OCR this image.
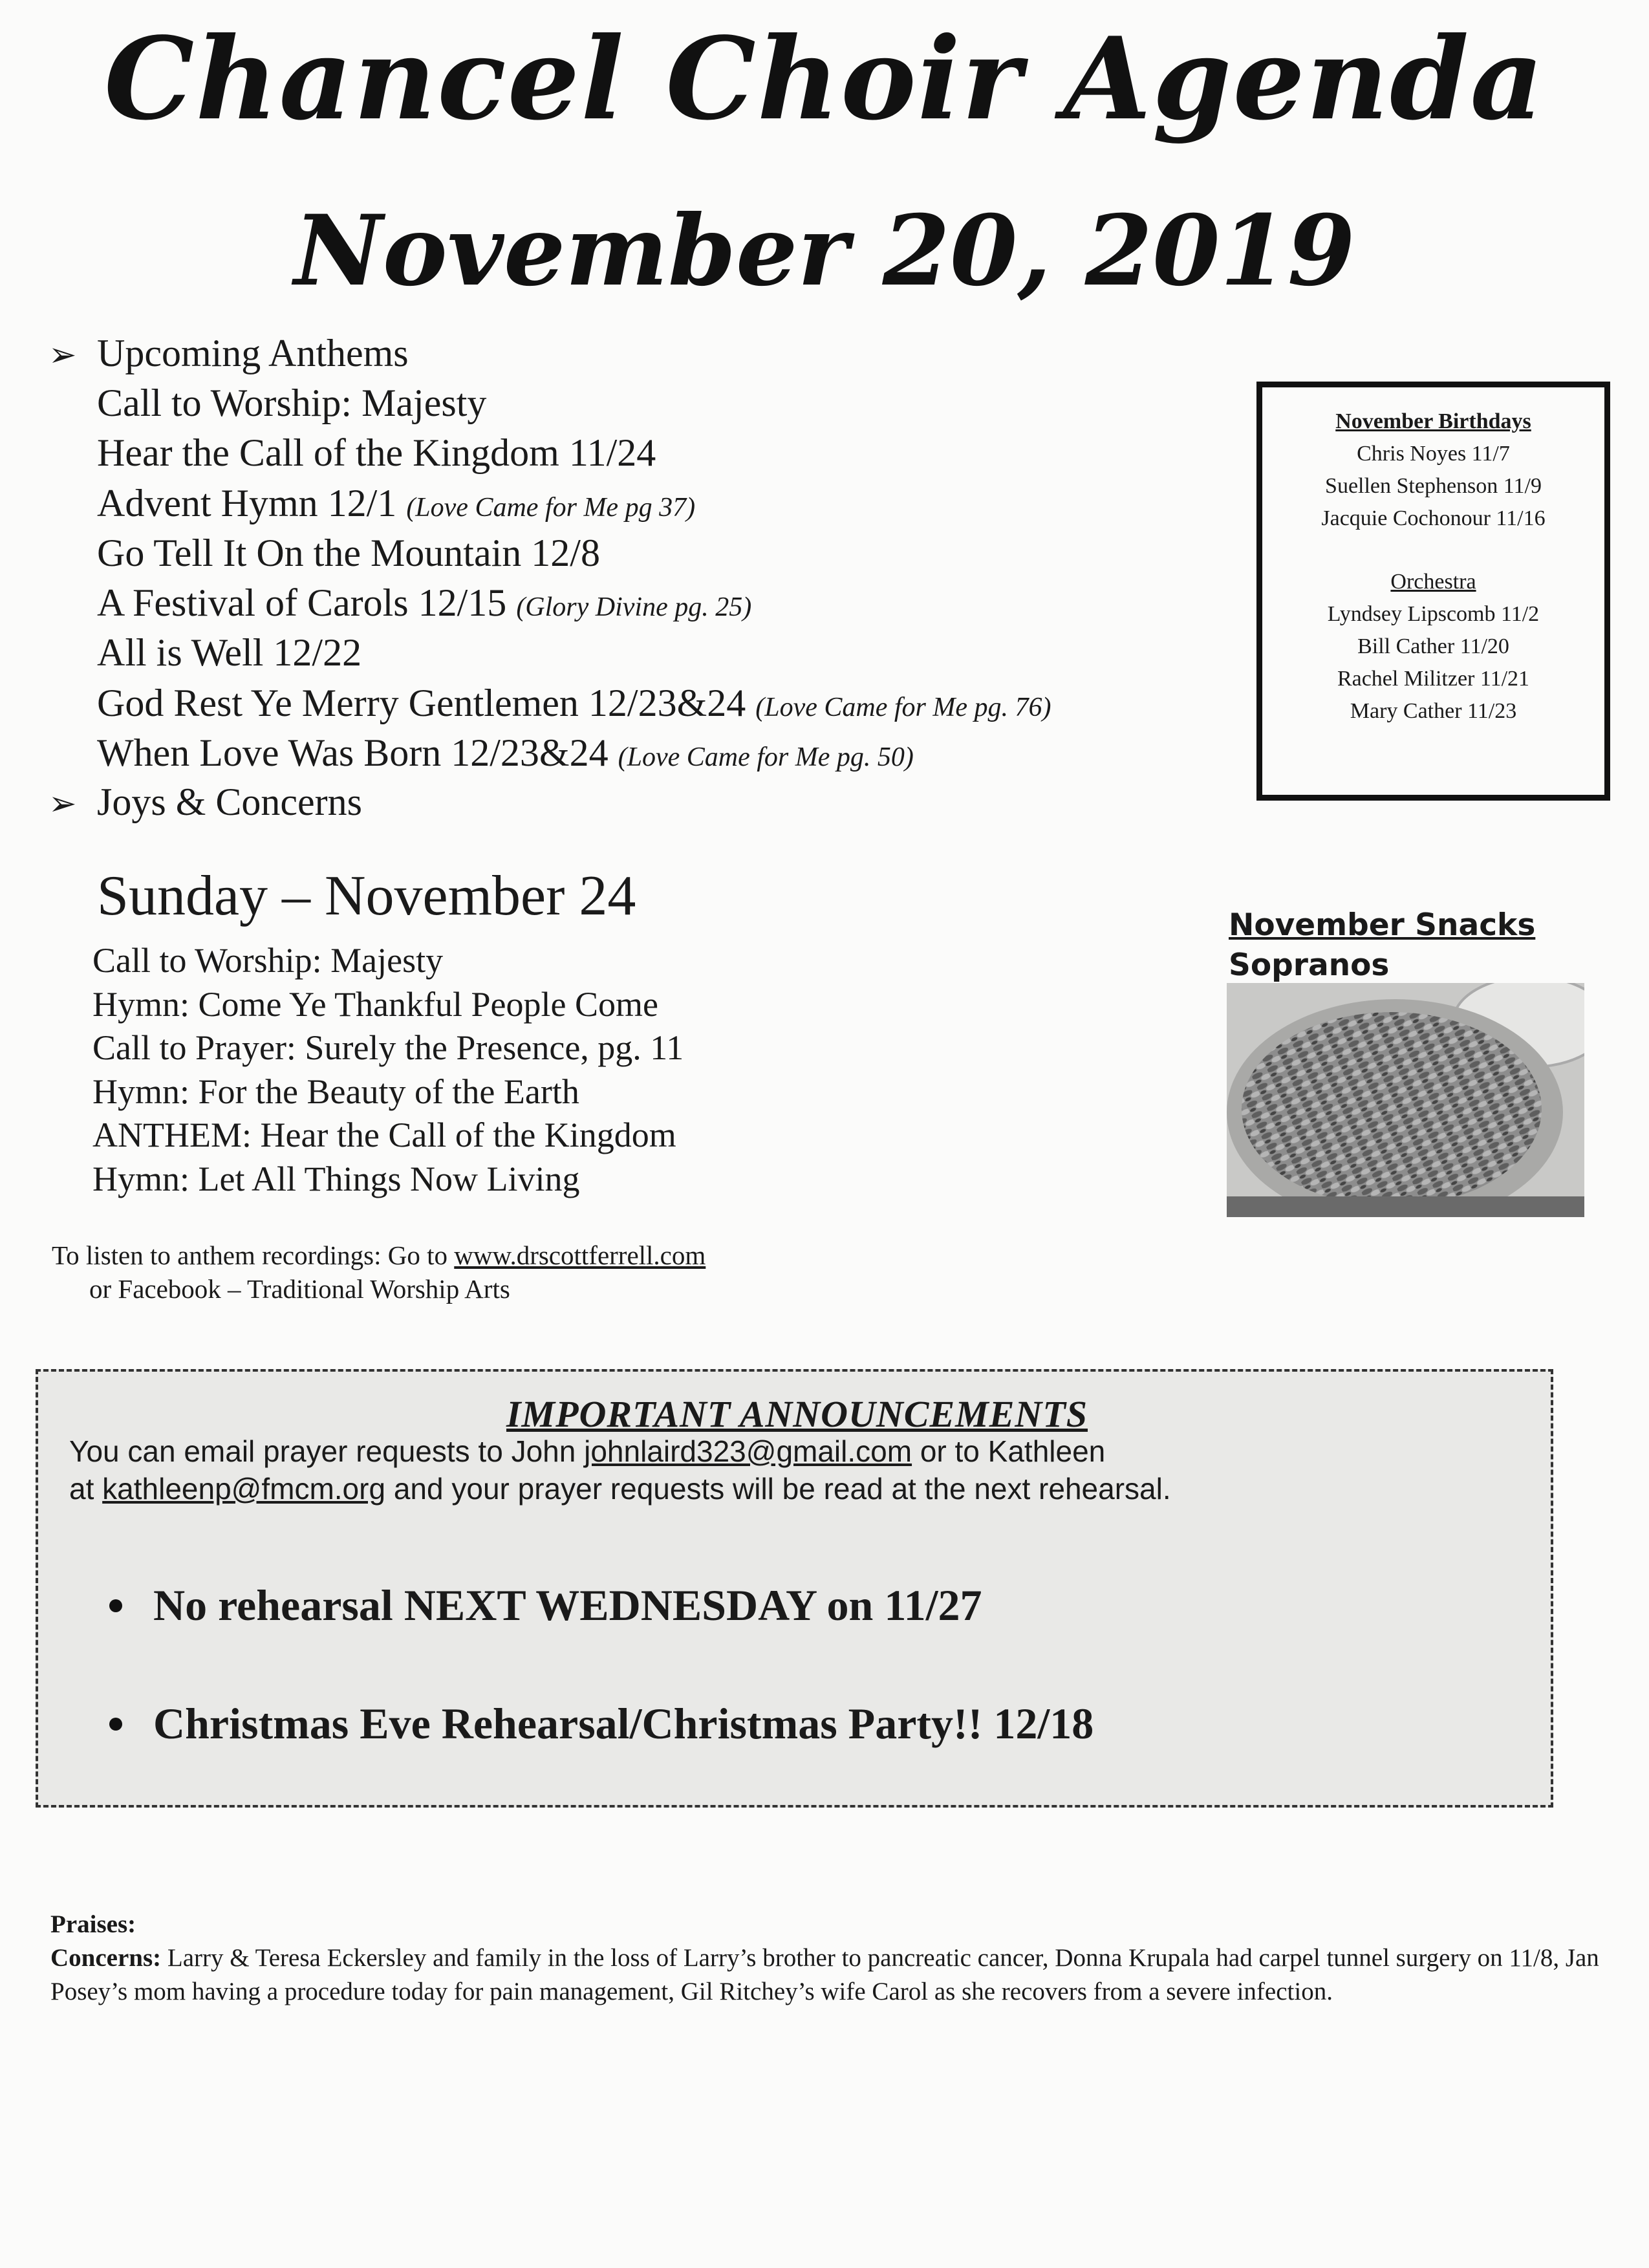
Chancel Choir Agenda
November 20, 2019
➢ Upcoming Anthems
Call to Worship: Majesty
Hear the Call of the Kingdom 11/24
Advent Hymn 12/1 (Love Came for Me pg 37)
Go Tell It On the Mountain 12/8
A Festival of Carols 12/15 (Glory Divine pg. 25)
All is Well 12/22
God Rest Ye Merry Gentlemen 12/23&24 (Love Came for Me pg. 76)
When Love Was Born 12/23&24 (Love Came for Me pg. 50)
➢ Joys & Concerns
Sunday – November 24
Call to Worship: Majesty
Hymn: Come Ye Thankful People Come
Call to Prayer: Surely the Presence, pg. 11
Hymn: For the Beauty of the Earth
ANTHEM: Hear the Call of the Kingdom
Hymn: Let All Things Now Living
To listen to anthem recordings: Go to www.drscottferrell.com
or Facebook – Traditional Worship Arts
November Birthdays
Chris Noyes 11/7
Suellen Stephenson 11/9
Jacquie Cochonour 11/16
Orchestra
Lyndsey Lipscomb 11/2
Bill Cather 11/20
Rachel Militzer 11/21
Mary Cather 11/23
November Snacks
Sopranos
IMPORTANT ANNOUNCEMENTS
You can email prayer requests to John johnlaird323@gmail.com or to Kathleen
at kathleenp@fmcm.org and your prayer requests will be read at the next rehearsal.
No rehearsal NEXT WEDNESDAY on 11/27
Christmas Eve Rehearsal/Christmas Party!! 12/18
Praises:
Concerns: Larry & Teresa Eckersley and family in the loss of Larry’s brother to pancreatic cancer, Donna Krupala had carpel tunnel surgery on 11/8, Jan Posey’s mom having a procedure today for pain management, Gil Ritchey’s wife Carol as she recovers from a severe infection.
